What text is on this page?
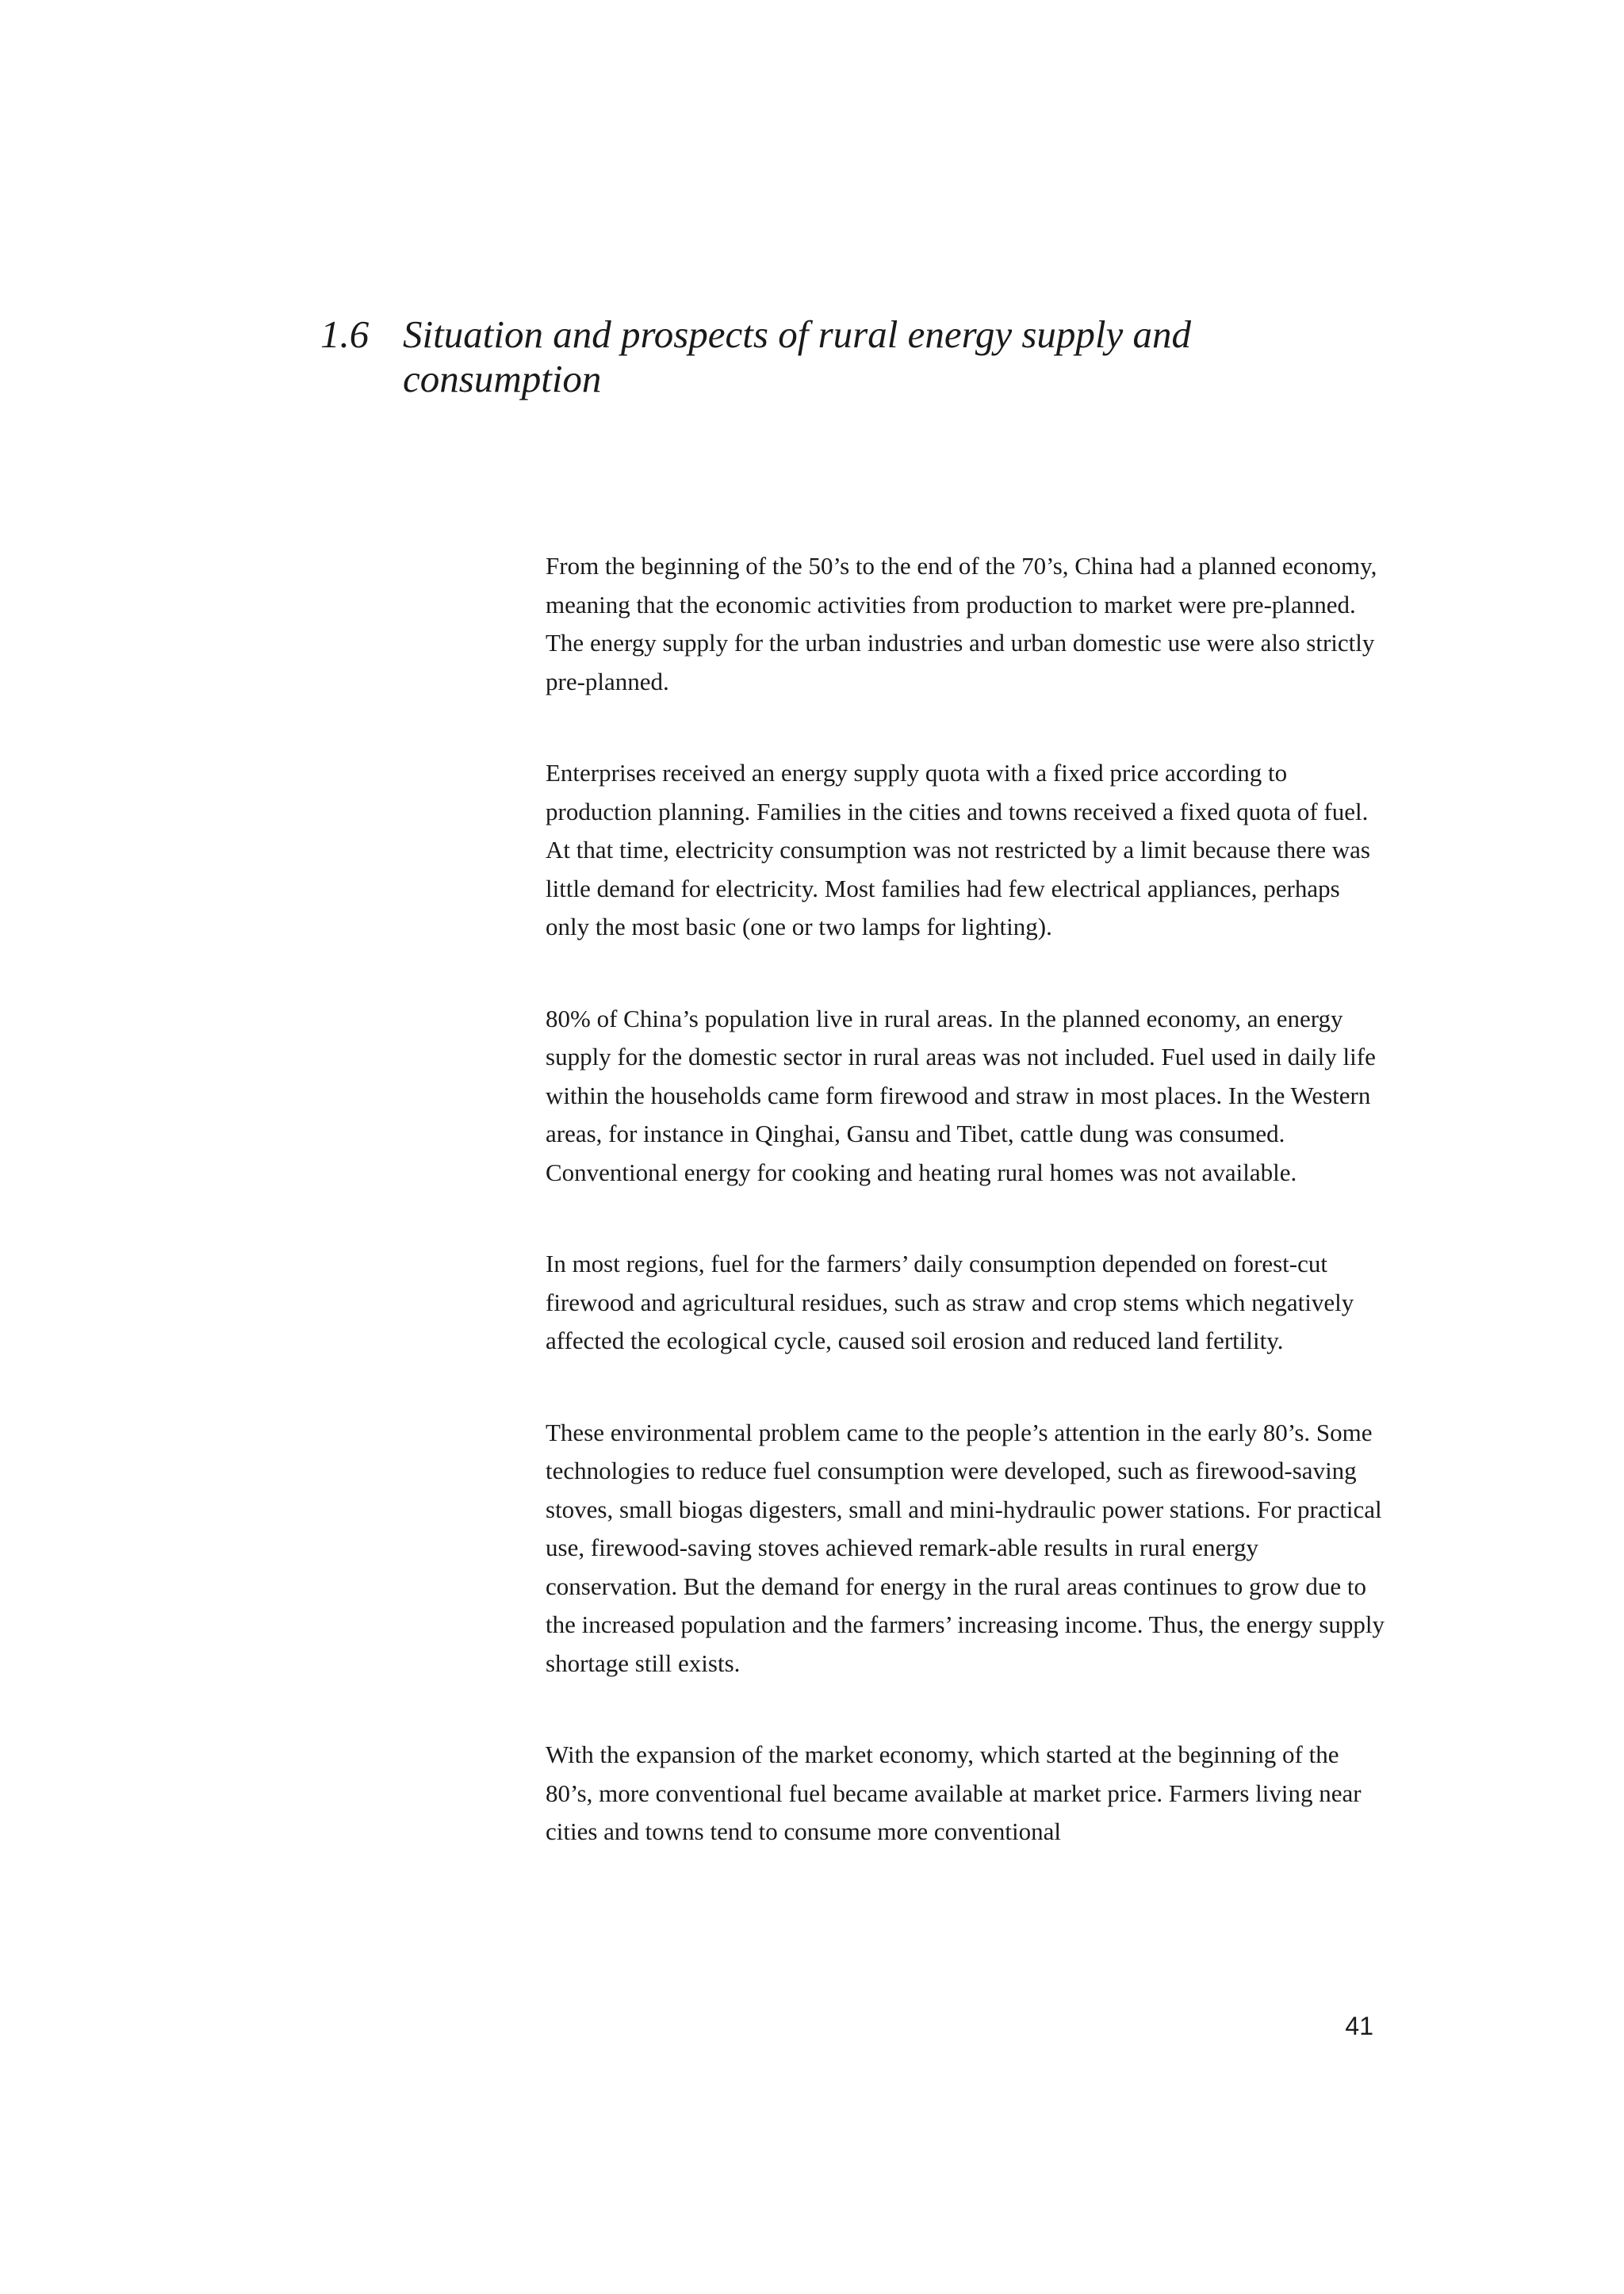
1.6 Situation and prospects of rural energy supply and consumption

From the beginning of the 50’s to the end of the 70’s, China had a planned economy, meaning that the economic activities from production to market were pre-planned. The energy supply for the urban industries and urban domestic use were also strictly pre-planned.

Enterprises received an energy supply quota with a fixed price according to production planning. Families in the cities and towns received a fixed quota of fuel. At that time, electricity consumption was not restricted by a limit because there was little demand for electricity. Most families had few electrical appliances, perhaps only the most basic (one or two lamps for lighting).

80% of China’s population live in rural areas. In the planned economy, an energy supply for the domestic sector in rural areas was not included. Fuel used in daily life within the households came form firewood and straw in most places. In the Western areas, for instance in Qinghai, Gansu and Tibet, cattle dung was consumed. Conventional energy for cooking and heating rural homes was not available.

In most regions, fuel for the farmers’ daily consumption depended on forest-cut firewood and agricultural residues, such as straw and crop stems which negatively affected the ecological cycle, caused soil erosion and reduced land fertility.

These environmental problem came to the people’s attention in the early 80’s. Some technologies to reduce fuel consumption were developed, such as firewood-saving stoves, small biogas digesters, small and mini-hydraulic power stations. For practical use, firewood-saving stoves achieved remark-able results in rural energy conservation. But the demand for energy in the rural areas continues to grow due to the increased population and the farmers’ increasing income. Thus, the energy supply shortage still exists.

With the expansion of the market economy, which started at the beginning of the 80’s, more conventional fuel became available at market price. Farmers living near cities and towns tend to consume more conventional

41
